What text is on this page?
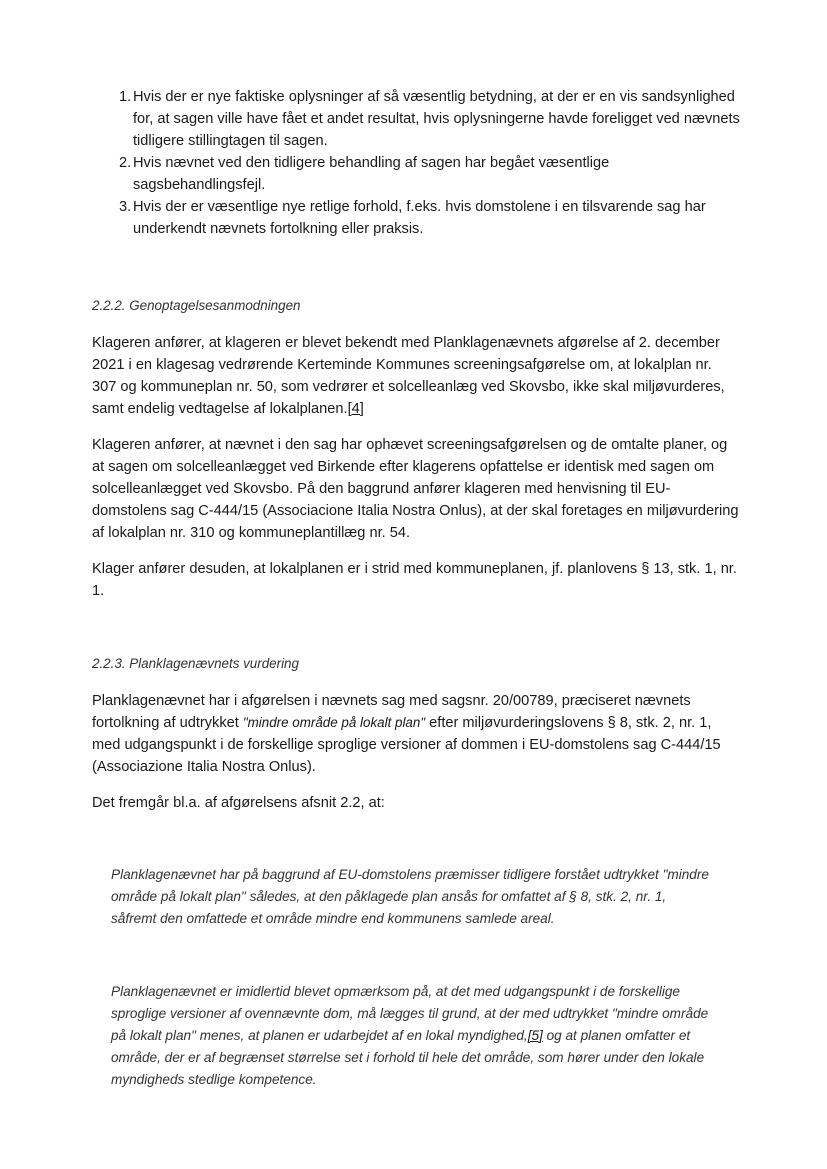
1. Hvis der er nye faktiske oplysninger af så væsentlig betydning, at der er en vis sandsynlighed for, at sagen ville have fået et andet resultat, hvis oplysningerne havde foreligget ved nævnets tidligere stillingtagen til sagen.

2. Hvis nævnet ved den tidligere behandling af sagen har begået væsentlige sagsbehandlingsfejl.

3. Hvis der er væsentlige nye retlige forhold, f.eks. hvis domstolene i en tilsvarende sag har underkendt nævnets fortolkning eller praksis.

2.2.2. Genoptagelsesanmodningen

Klageren anfører, at klageren er blevet bekendt med Planklagenævnets afgørelse af 2. december 2021 i en klagesag vedrørende Kerteminde Kommunes screeningsafgørelse om, at lokalplan nr. 307 og kommuneplan nr. 50, som vedrører et solcelleanlæg ved Skovsbo, ikke skal miljøvurderes, samt endelig vedtagelse af lokalplanen.[4]

Klageren anfører, at nævnet i den sag har ophævet screeningsafgørelsen og de omtalte planer, og at sagen om solcelleanlægget ved Birkende efter klagerens opfattelse er identisk med sagen om solcelleanlægget ved Skovsbo. På den baggrund anfører klageren med henvisning til EU-domstolens sag C-444/15 (Associacione Italia Nostra Onlus), at der skal foretages en miljøvurdering af lokalplan nr. 310 og kommuneplantillæg nr. 54.

Klager anfører desuden, at lokalplanen er i strid med kommuneplanen, jf. planlovens § 13, stk. 1, nr. 1.

2.2.3. Planklagenævnets vurdering

Planklagenævnet har i afgørelsen i nævnets sag med sagsnr. 20/00789, præciseret nævnets fortolkning af udtrykket "mindre område på lokalt plan" efter miljøvurderingslovens § 8, stk. 2, nr. 1, med udgangspunkt i de forskellige sproglige versioner af dommen i EU-domstolens sag C-444/15 (Associazione Italia Nostra Onlus).

Det fremgår bl.a. af afgørelsens afsnit 2.2, at:

Planklagenævnet har på baggrund af EU-domstolens præmisser tidligere forstået udtrykket "mindre område på lokalt plan" således, at den påklagede plan ansås for omfattet af § 8, stk. 2, nr. 1, såfremt den omfattede et område mindre end kommunens samlede areal.

Planklagenævnet er imidlertid blevet opmærksom på, at det med udgangspunkt i de forskellige sproglige versioner af ovennævnte dom, må lægges til grund, at der med udtrykket "mindre område på lokalt plan" menes, at planen er udarbejdet af en lokal myndighed,[5] og at planen omfatter et område, der er af begrænset størrelse set i forhold til hele det område, som hører under den lokale myndigheds stedlige kompetence.
